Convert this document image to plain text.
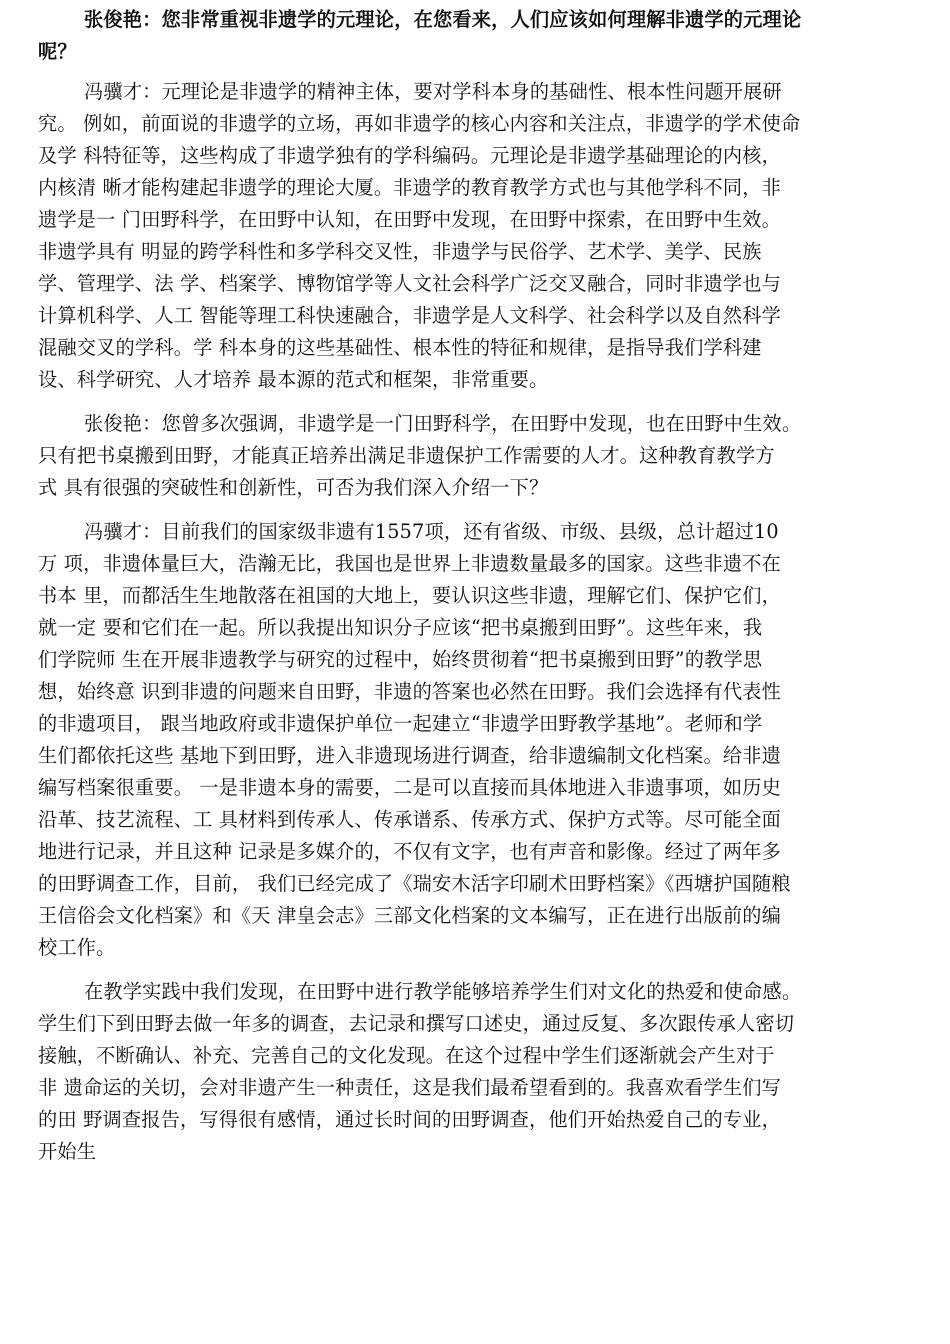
张俊艳：您非常重视非遗学的元理论，在您看来，人们应该如何理解非遗学的元理论
呢？
冯骥才：元理论是非遗学的精神主体，要对学科本身的基础性、根本性问题开展研
究。 例如，前面说的非遗学的立场，再如非遗学的核心内容和关注点，非遗学的学术使命
及学 科特征等，这些构成了非遗学独有的学科编码。元理论是非遗学基础理论的内核，
内核清 晰才能构建起非遗学的理论大厦。非遗学的教育教学方式也与其他学科不同，非
遗学是一 门田野科学，在田野中认知，在田野中发现，在田野中探索，在田野中生效。
非遗学具有 明显的跨学科性和多学科交叉性，非遗学与民俗学、艺术学、美学、民族
学、管理学、法 学、档案学、博物馆学等人文社会科学广泛交叉融合，同时非遗学也与
计算机科学、人工 智能等理工科快速融合，非遗学是人文科学、社会科学以及自然科学
混融交叉的学科。学 科本身的这些基础性、根本性的特征和规律，是指导我们学科建
设、科学研究、人才培养 最本源的范式和框架，非常重要。
张俊艳：您曾多次强调，非遗学是一门田野科学，在田野中发现，也在田野中生效。
只有把书桌搬到田野，才能真正培养出满足非遗保护工作需要的人才。这种教育教学方
式 具有很强的突破性和创新性，可否为我们深入介绍一下？
冯骥才：目前我们的国家级非遗有1557项，还有省级、市级、县级，总计超过10
万 项，非遗体量巨大，浩瀚无比，我国也是世界上非遗数量最多的国家。这些非遗不在
书本 里，而都活生生地散落在祖国的大地上，要认识这些非遗，理解它们、保护它们，
就一定 要和它们在一起。所以我提出知识分子应该“把书桌搬到田野”。这些年来，我
们学院师 生在开展非遗教学与研究的过程中，始终贯彻着“把书桌搬到田野”的教学思
想，始终意 识到非遗的问题来自田野，非遗的答案也必然在田野。我们会选择有代表性
的非遗项目， 跟当地政府或非遗保护单位一起建立“非遗学田野教学基地”。老师和学
生们都依托这些 基地下到田野，进入非遗现场进行调查，给非遗编制文化档案。给非遗
编写档案很重要。 一是非遗本身的需要，二是可以直接而具体地进入非遗事项，如历史
沿革、技艺流程、工 具材料到传承人、传承谱系、传承方式、保护方式等。尽可能全面
地进行记录，并且这种 记录是多媒介的，不仅有文字，也有声音和影像。经过了两年多
的田野调查工作，目前， 我们已经完成了《瑞安木活字印刷术田野档案》《西塘护国随粮
王信俗会文化档案》和《天 津皇会志》三部文化档案的文本编写，正在进行出版前的编
校工作。
在教学实践中我们发现，在田野中进行教学能够培养学生们对文化的热爱和使命感。
学生们下到田野去做一年多的调查，去记录和撰写口述史，通过反复、多次跟传承人密切
接触，不断确认、补充、完善自己的文化发现。在这个过程中学生们逐渐就会产生对于
非 遗命运的关切，会对非遗产生一种责任，这是我们最希望看到的。我喜欢看学生们写
的田 野调查报告，写得很有感情，通过长时间的田野调查，他们开始热爱自己的专业，
开始生
